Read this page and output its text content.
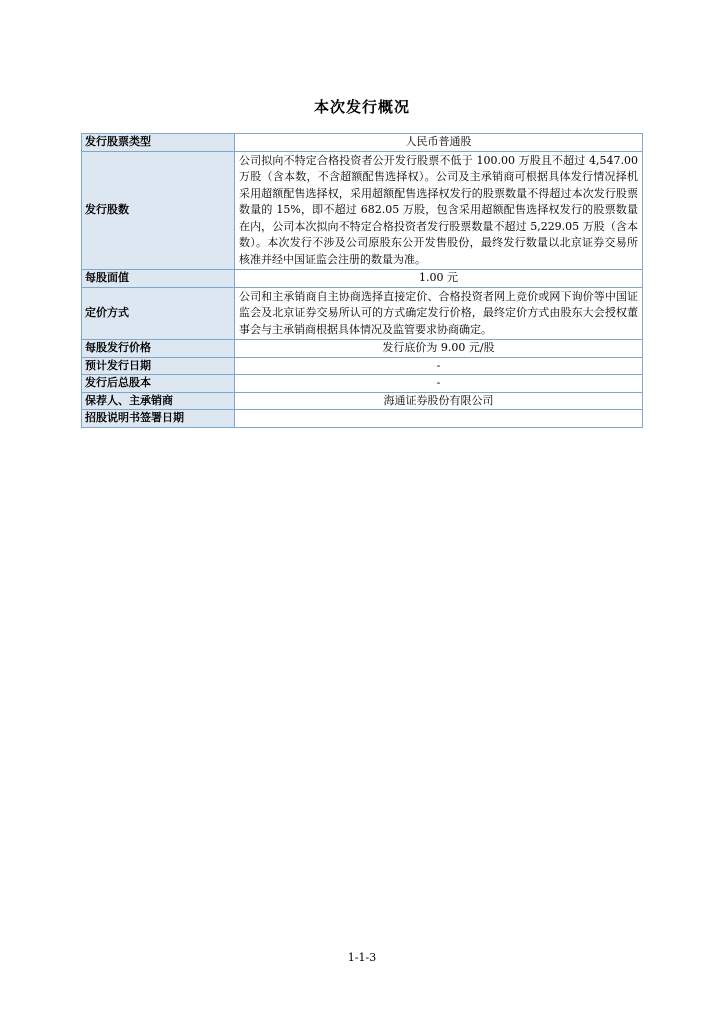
本次发行概况
发行股票类型	人民币普通股
发行股数	公司拟向不特定合格投资者公开发行股票不低于 100.00 万股且不超过 4,547.00 万股（含本数，不含超额配售选择权）。公司及主承销商可根据具体发行情况择机采用超额配售选择权，采用超额配售选择权发行的股票数量不得超过本次发行股票数量的 15%，即不超过 682.05 万股，包含采用超额配售选择权发行的股票数量在内，公司本次拟向不特定合格投资者发行股票数量不超过 5,229.05 万股（含本数）。本次发行不涉及公司原股东公开发售股份，最终发行数量以北京证券交易所核准并经中国证监会注册的数量为准。
每股面值	1.00 元
定价方式	公司和主承销商自主协商选择直接定价、合格投资者网上竞价或网下询价等中国证监会及北京证券交易所认可的方式确定发行价格，最终定价方式由股东大会授权董事会与主承销商根据具体情况及监管要求协商确定。
每股发行价格	发行底价为 9.00 元/股
预计发行日期	-
发行后总股本	-
保荐人、主承销商	海通证券股份有限公司
招股说明书签署日期	
1-1-3
